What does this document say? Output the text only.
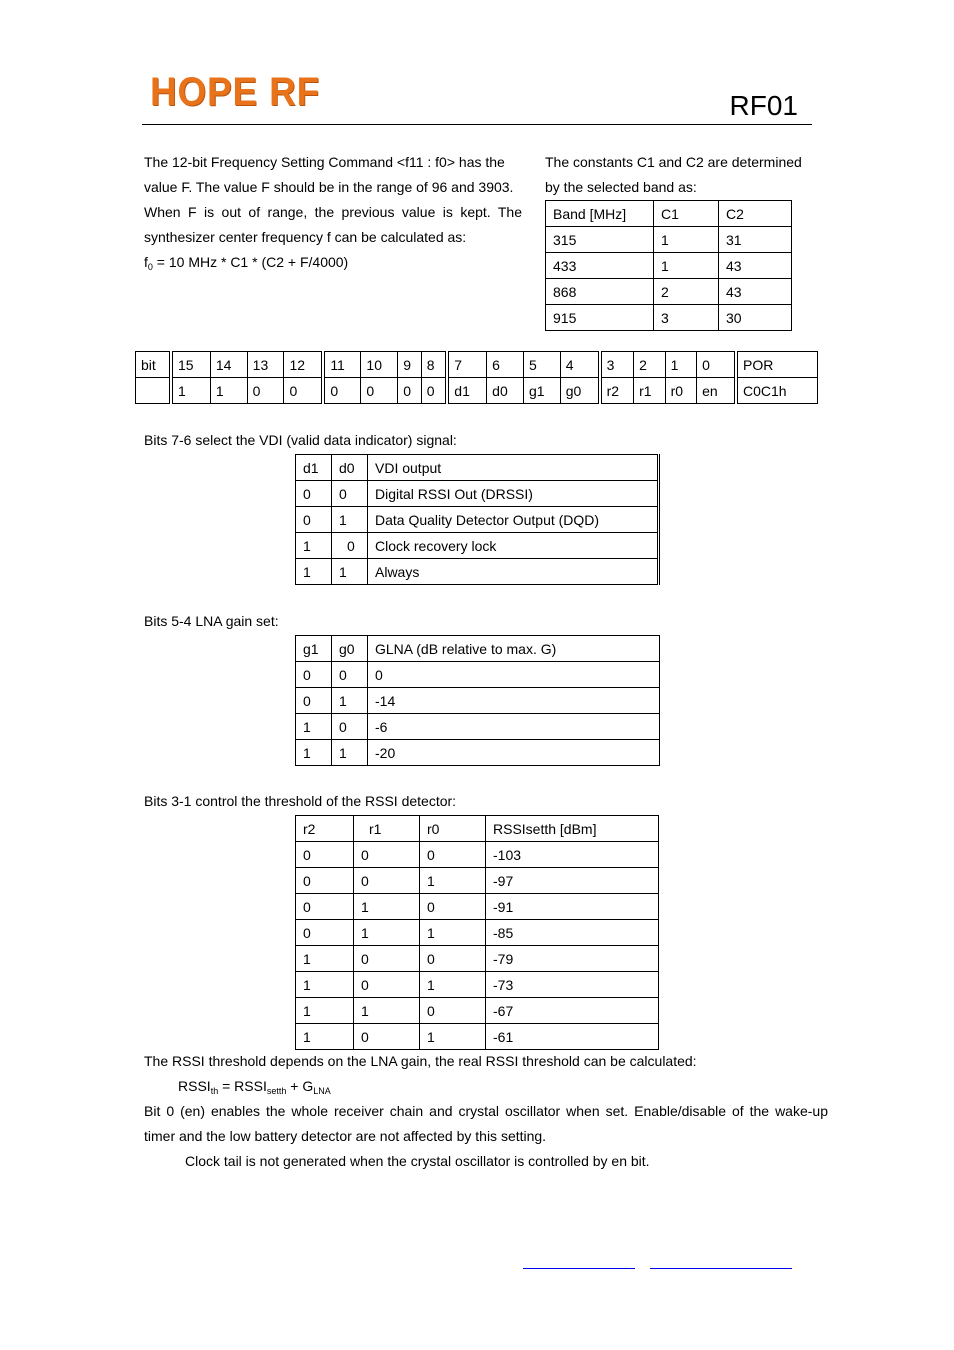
HOPE RF	RF01
The 12-bit Frequency Setting Command <f11 : f0> has the
value F. The value F should be in the range of 96 and 3903.
When F is out of range, the previous value is kept. The
synthesizer center frequency f can be calculated as:
$f_0 = 10$ MHz * C1 * (C2 + F/4000)
The constants C1 and C2 are determined
by the selected band as:
Band [MHz]	C1	C2
315	1	31
433	1	43
868	2	43
915	3	30
bit	15	14	13	12	11	10	9	8	7	6	5	4	3	2	1	0	POR
	1	1	0	0	0	0	0	0	d1	d0	g1	g0	r2	r1	r0	en	C0C1h
Bits 7-6 select the VDI (valid data indicator) signal:
d1	d0	VDI output
0	0	Digital RSSI Out (DRSSI)
0	1	Data Quality Detector Output (DQD)
1	0	Clock recovery lock
1	1	Always
Bits 5-4 LNA gain set:
g1	g0	GLNA (dB relative to max. G)
0	0	0
0	1	-14
1	0	-6
1	1	-20
Bits 3-1 control the threshold of the RSSI detector:
r2	r1	r0	RSSIsetth [dBm]
0	0	0	-103
0	0	1	-97
0	1	0	-91
0	1	1	-85
1	0	0	-79
1	0	1	-73
1	1	0	-67
1	0	1	-61
The RSSI threshold depends on the LNA gain, the real RSSI threshold can be calculated:
$RSSI_{th}$ = $RSSI_{setth} + G_{LNA}$
Bit 0 (en) enables the whole receiver chain and crystal oscillator when set. Enable/disable of the wake-up
timer and the low battery detector are not affected by this setting.
Clock tail is not generated when the crystal oscillator is controlled by en bit.
